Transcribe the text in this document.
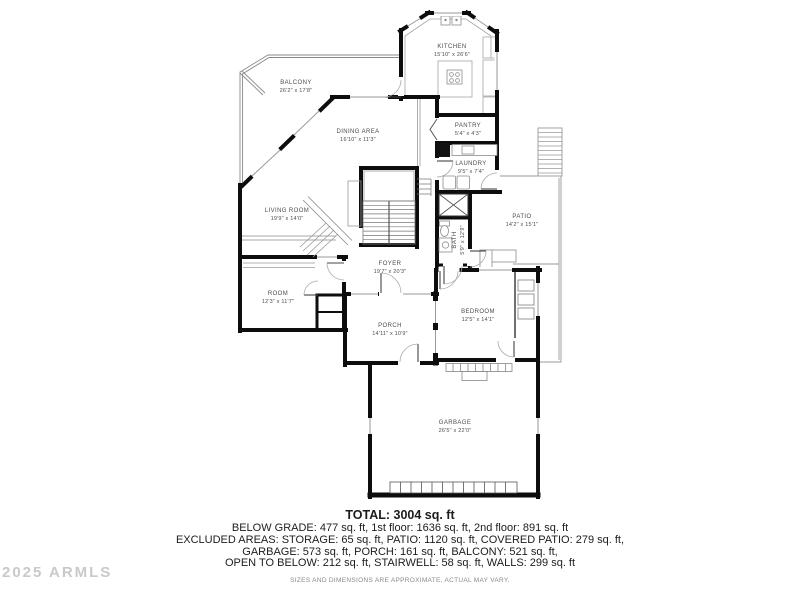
BALCONY
26'2" x 17'8"
KITCHEN
15'10" x 26'6"
DINING AREA
16'10" x 11'3"
PANTRY
5'4" x 4'3"
LAUNDRY
9'5" x 7'4"
PATIO
14'2" x 15'1"
LIVING ROOM
19'9" x 14'0"
BATH 5'9" x 12'9"
FOYER
19'7" x 20'3"
ROOM
12'3" x 11'7"
PORCH
14'11" x 10'9"
BEDROOM
12'5" x 14'1"
GARBAGE
26'5" x 22'0"

TOTAL: 3004 sq. ft

BELOW GRADE: 477 sq. ft, 1st floor: 1636 sq. ft, 2nd floor: 891 sq. ft

EXCLUDED AREAS: STORAGE: 65 sq. ft, PATIO: 1120 sq. ft, COVERED PATIO: 279 sq. ft,

GARBAGE: 573 sq. ft, PORCH: 161 sq. ft, BALCONY: 521 sq. ft,

OPEN TO BELOW: 212 sq. ft, STAIRWELL: 58 sq. ft, WALLS: 299 sq. ft

SIZES AND DIMENSIONS ARE APPROXIMATE, ACTUAL MAY VARY.

2025 ARMLS
